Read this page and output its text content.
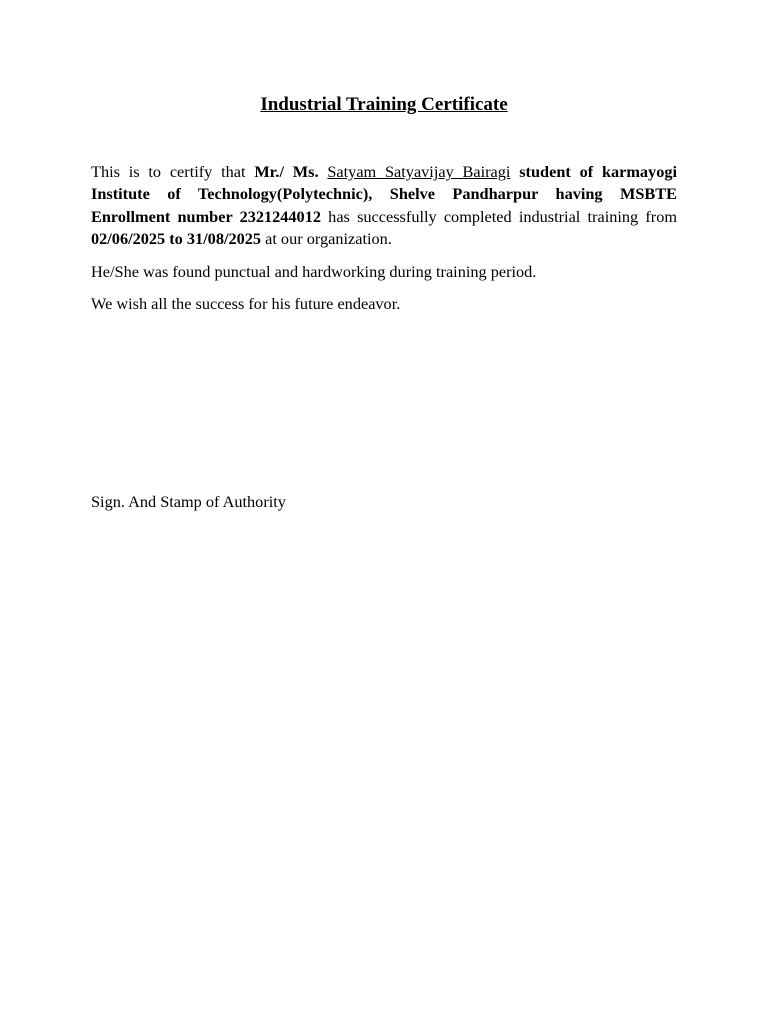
Industrial Training Certificate

This is to certify that Mr./ Ms. Satyam Satyavijay Bairagi student of karmayogi Institute of Technology(Polytechnic), Shelve Pandharpur having MSBTE Enrollment number 2321244012 has successfully completed industrial training from 02/06/2025 to 31/08/2025 at our organization.

He/She was found punctual and hardworking during training period.

We wish all the success for his future endeavor.

Sign. And Stamp of Authority
